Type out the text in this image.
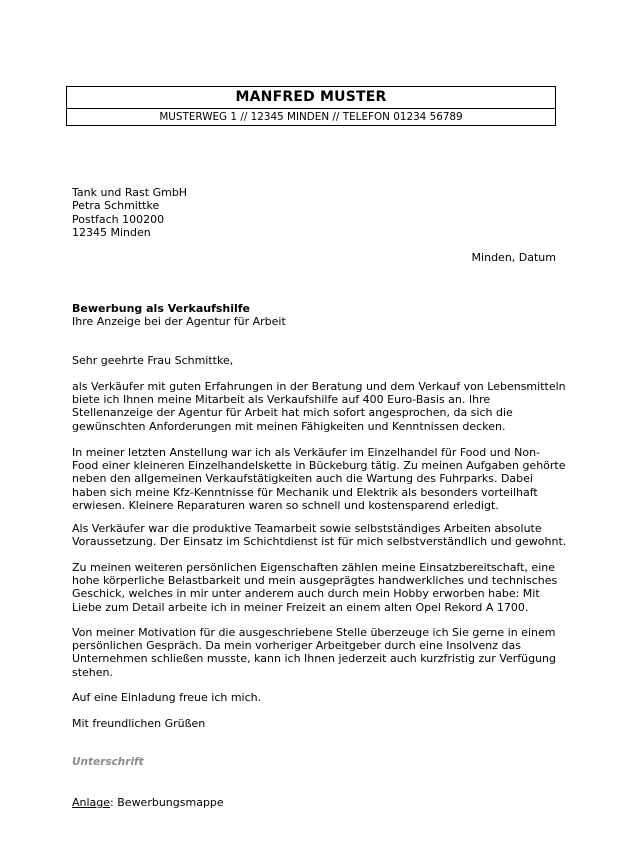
MANFRED MUSTER
MUSTERWEG 1 // 12345 MINDEN // TELEFON 01234 56789
Tank und Rast GmbH
Petra Schmittke
Postfach 100200
12345 Minden
Minden, Datum
Bewerbung als Verkaufshilfe
Ihre Anzeige bei der Agentur für Arbeit
Sehr geehrte Frau Schmittke,
als Verkäufer mit guten Erfahrungen in der Beratung und dem Verkauf von Lebensmitteln
biete ich Ihnen meine Mitarbeit als Verkaufshilfe auf 400 Euro-Basis an. Ihre
Stellenanzeige der Agentur für Arbeit hat mich sofort angesprochen, da sich die
gewünschten Anforderungen mit meinen Fähigkeiten und Kenntnissen decken.
In meiner letzten Anstellung war ich als Verkäufer im Einzelhandel für Food und Non-
Food einer kleineren Einzelhandelskette in Bückeburg tätig. Zu meinen Aufgaben gehörte
neben den allgemeinen Verkaufstätigkeiten auch die Wartung des Fuhrparks. Dabei
haben sich meine Kfz-Kenntnisse für Mechanik und Elektrik als besonders vorteilhaft
erwiesen. Kleinere Reparaturen waren so schnell und kostensparend erledigt.
Als Verkäufer war die produktive Teamarbeit sowie selbstständiges Arbeiten absolute
Voraussetzung. Der Einsatz im Schichtdienst ist für mich selbstverständlich und gewohnt.
Zu meinen weiteren persönlichen Eigenschaften zählen meine Einsatzbereitschaft, eine
hohe körperliche Belastbarkeit und mein ausgeprägtes handwerkliches und technisches
Geschick, welches in mir unter anderem auch durch mein Hobby erworben habe: Mit
Liebe zum Detail arbeite ich in meiner Freizeit an einem alten Opel Rekord A 1700.
Von meiner Motivation für die ausgeschriebene Stelle überzeuge ich Sie gerne in einem
persönlichen Gespräch. Da mein vorheriger Arbeitgeber durch eine Insolvenz das
Unternehmen schließen musste, kann ich Ihnen jederzeit auch kurzfristig zur Verfügung
stehen.
Auf eine Einladung freue ich mich.
Mit freundlichen Grüßen
Unterschrift
Anlage: Bewerbungsmappe
